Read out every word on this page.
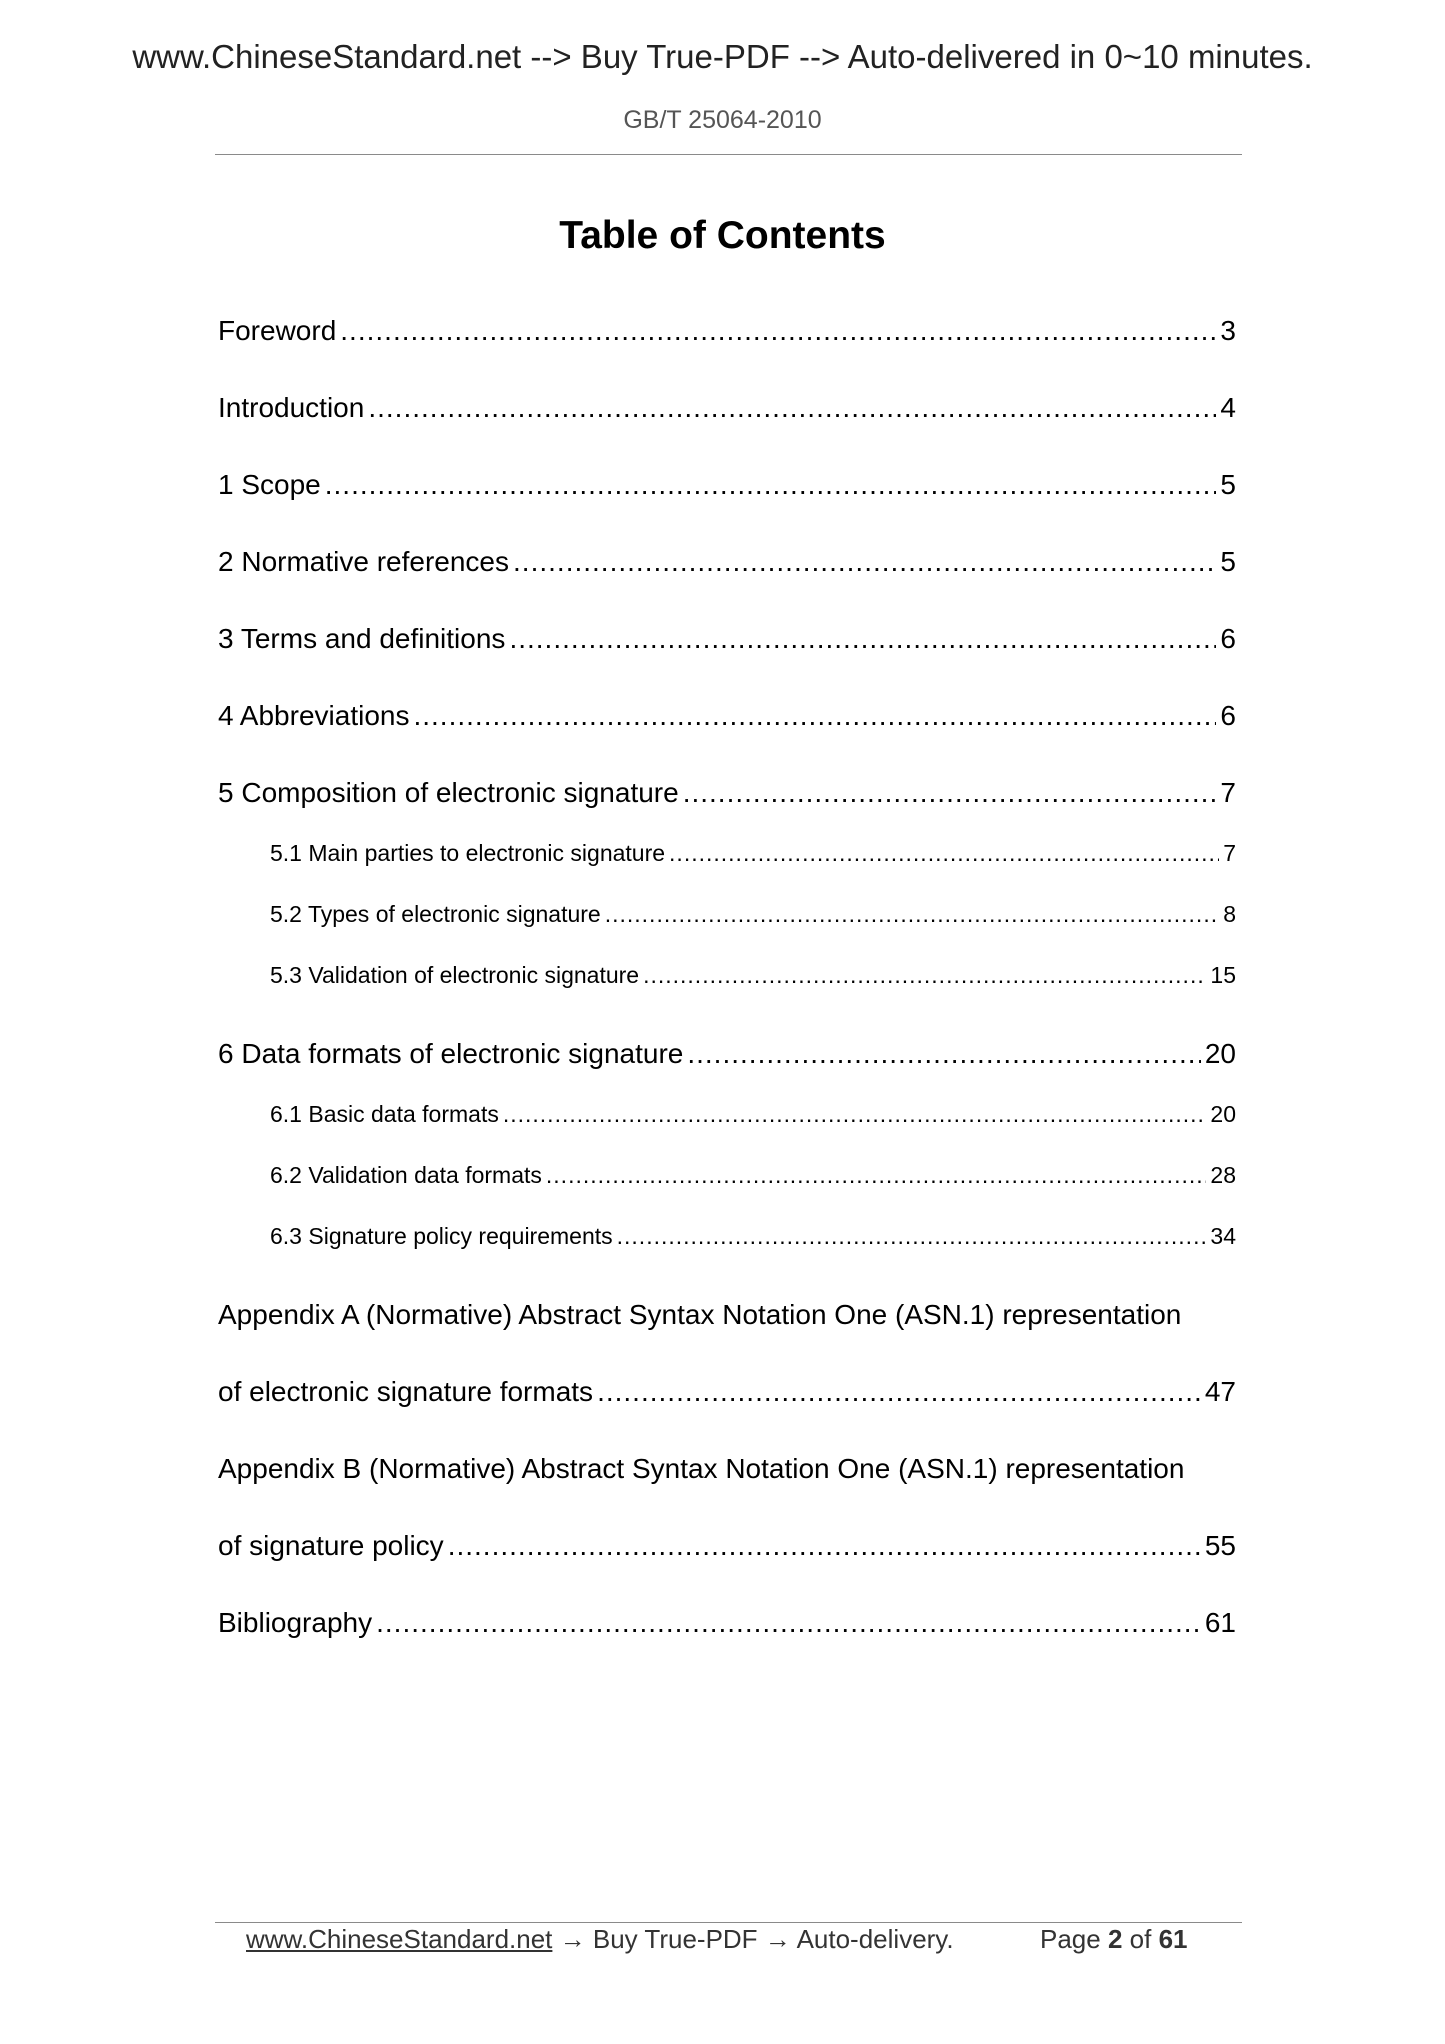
www.ChineseStandard.net --> Buy True-PDF --> Auto-delivered in 0~10 minutes.
GB/T 25064-2010
Table of Contents
Foreword .....	3
Introduction .....	4
1 Scope .....	5
2 Normative references .....	5
3 Terms and definitions .....	6
4 Abbreviations .....	6
5 Composition of electronic signature .....	7
5.1 Main parties to electronic signature .....	7
5.2 Types of electronic signature .....	8
5.3 Validation of electronic signature .....	15
6 Data formats of electronic signature .....	20
6.1 Basic data formats .....	20
6.2 Validation data formats .....	28
6.3 Signature policy requirements .....	34
Appendix A (Normative) Abstract Syntax Notation One (ASN.1) representation
of electronic signature formats .....	47
Appendix B (Normative) Abstract Syntax Notation One (ASN.1) representation
of signature policy .....	55
Bibliography .....	61
www.ChineseStandard.net → Buy True-PDF → Auto-delivery.	Page 2 of 61
